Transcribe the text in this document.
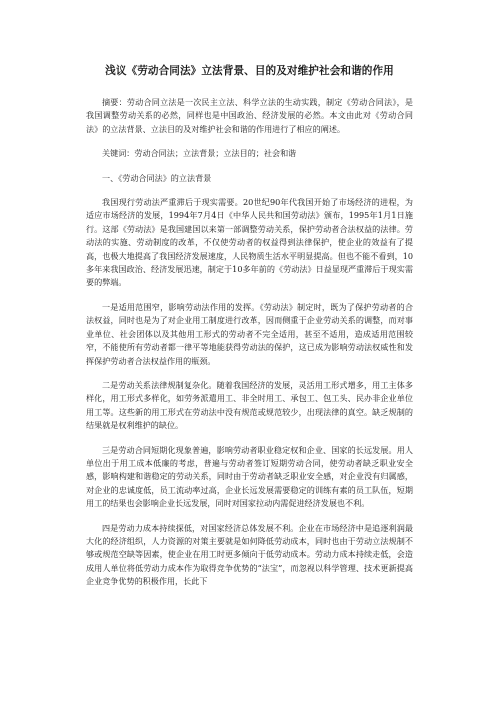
浅议《劳动合同法》立法背景、目的及对维护社会和谐的作用

摘要：劳动合同立法是一次民主立法、科学立法的生动实践，制定《劳动合同法》，是我国调整劳动关系的必然，同样也是中国政治、经济发展的必然。本文由此对《劳动合同法》的立法背景、立法目的及对维护社会和谐的作用进行了相应的阐述。

关键词：劳动合同法；立法背景；立法目的；社会和谐

一、《劳动合同法》的立法背景

我国现行劳动法严重滞后于现实需要。20世纪90年代我国开始了市场经济的进程，为适应市场经济的发展，1994年7月4日《中华人民共和国劳动法》颁布，1995年1月1日施行。这部《劳动法》是我国建国以来第一部调整劳动关系，保护劳动者合法权益的法律。劳动法的实施、劳动制度的改革，不仅使劳动者的权益得到法律保护，使企业的效益有了提高，也极大地提高了我国经济发展速度，人民物质生活水平明显提高。但也不能不看到，10多年来我国政治、经济发展迅速，制定于10多年前的《劳动法》日益显现严重滞后于现实需要的弊端。

一是适用范围窄，影响劳动法作用的发挥。《劳动法》制定时，既为了保护劳动者的合法权益，同时也是为了对企业用工制度进行改革，因而侧重于企业劳动关系的调整，而对事业单位、社会团体以及其他用工形式的劳动者不完全适用，甚至不适用，造成适用范围较窄，不能使所有劳动者都一律平等地能获得劳动法的保护，这已成为影响劳动法权威性和发挥保护劳动者合法权益作用的瓶颈。

二是劳动关系法律规制复杂化。随着我国经济的发展，灵活用工形式增多，用工主体多样化，用工形式多样化，如劳务派遣用工、非全时用工、承包工、包工头、民办非企业单位用工等。这些新的用工形式在劳动法中没有规范或规范较少，出现法律的真空。缺乏规制的结果就是权利维护的缺位。

三是劳动合同短期化现象普遍，影响劳动者职业稳定权和企业、国家的长远发展。用人单位出于用工成本低廉的考虑，普遍与劳动者签订短期劳动合同，使劳动者缺乏职业安全感，影响构建和谐稳定的劳动关系，同时由于劳动者缺乏职业安全感，对企业没有归属感，对企业的忠诚度低，员工流动率过高，企业长远发展需要稳定的训练有素的员工队伍，短期用工的结果也会影响企业长远发展，同时对国家拉动内需促进经济发展也不利。

四是劳动力成本持续探低，对国家经济总体发展不利。企业在市场经济中是追逐利润最大化的经济组织，人力资源的对策主要就是如何降低劳动成本，同时也由于劳动立法规制不够或规范空缺等因素，使企业在用工时更多倾向于低劳动成本。劳动力成本持续走低，会造成用人单位将低劳动力成本作为取得竞争优势的“法宝”，而忽视以科学管理、技术更新提高企业竞争优势的积极作用，长此下
